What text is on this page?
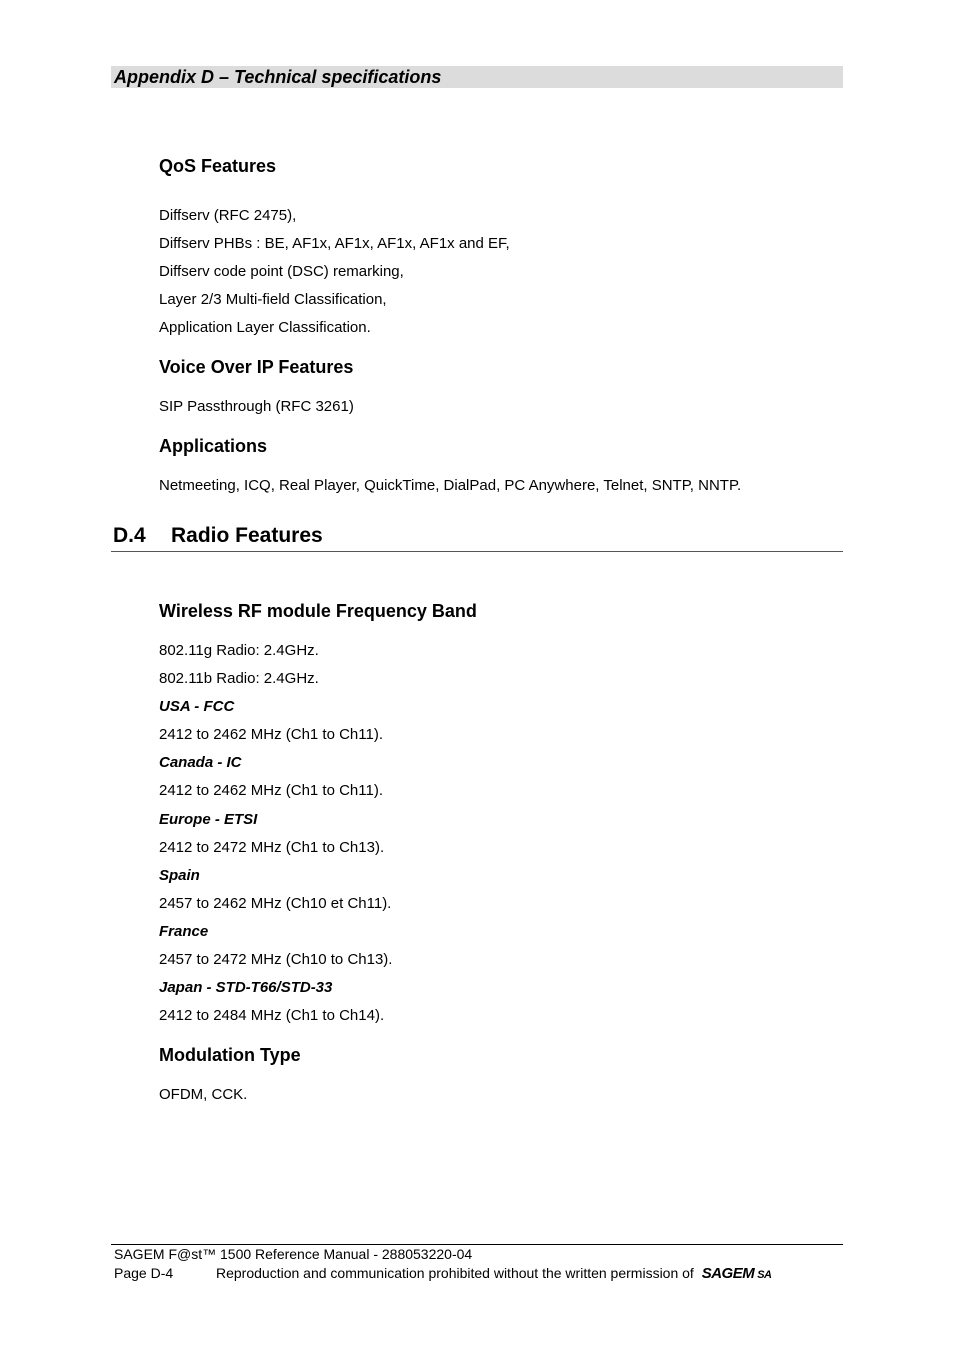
Appendix D – Technical specifications
QoS Features

Diffserv (RFC 2475),

Diffserv PHBs : BE, AF1x, AF1x, AF1x, AF1x and EF,

Diffserv code point (DSC) remarking,

Layer 2/3 Multi-field Classification,

Application Layer Classification.

Voice Over IP Features

SIP Passthrough (RFC 3261)

Applications

Netmeeting, ICQ, Real Player, QuickTime, DialPad, PC Anywhere, Telnet, SNTP, NNTP.

D.4 Radio Features
Wireless RF module Frequency Band

802.11g Radio: 2.4GHz.

802.11b Radio: 2.4GHz.

USA - FCC

2412 to 2462 MHz (Ch1 to Ch11).

Canada - IC

2412 to 2462 MHz (Ch1 to Ch11).

Europe - ETSI

2412 to 2472 MHz (Ch1 to Ch13).

Spain

2457 to 2462 MHz (Ch10 et Ch11).

France

2457 to 2472 MHz (Ch10 to Ch13).

Japan - STD-T66/STD-33

2412 to 2484 MHz (Ch1 to Ch14).

Modulation Type

OFDM, CCK.

SAGEM F@st™ 1500 Reference Manual - 288053220-04
Page D-4	Reproduction and communication prohibited without the written permission of SAGEM SA
